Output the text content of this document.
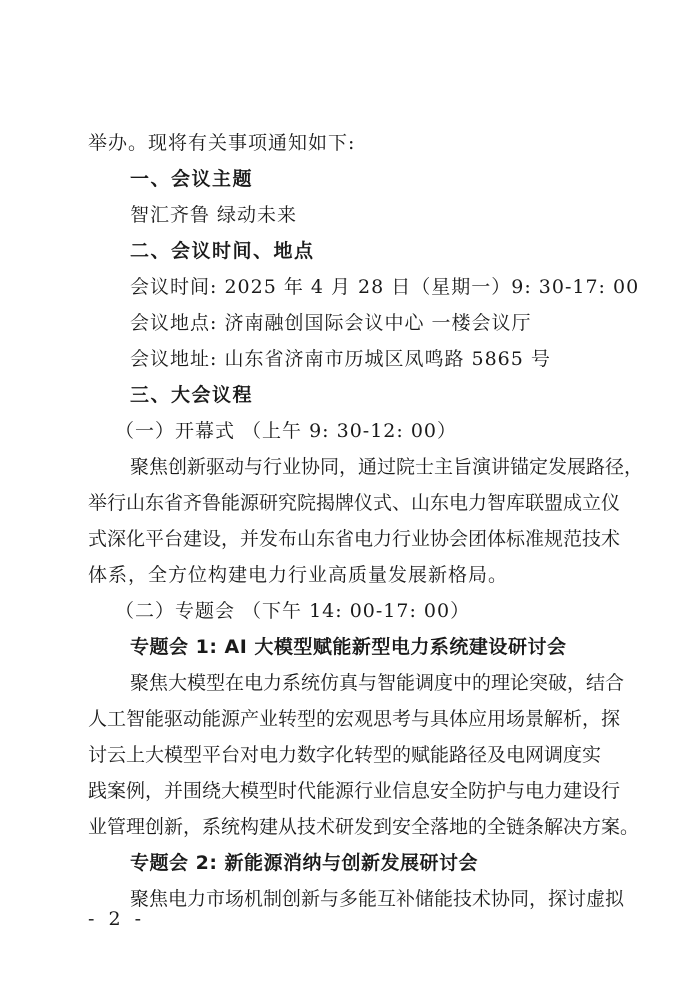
举办。现将有关事项通知如下:
一、会议主题
智汇齐鲁 绿动未来
二、会议时间、地点
会议时间: 2025 年 4 月 28 日（星期一）9: 30-17: 00
会议地点: 济南融创国际会议中心 一楼会议厅
会议地址: 山东省济南市历城区凤鸣路 5865 号
三、大会议程
（一）开幕式 （上午 9: 30-12: 00）
聚焦创新驱动与行业协同，通过院士主旨演讲锚定发展路径，
举行山东省齐鲁能源研究院揭牌仪式、山东电力智库联盟成立仪
式深化平台建设，并发布山东省电力行业协会团体标准规范技术
体系，全方位构建电力行业高质量发展新格局。
（二）专题会 （下午 14: 00-17: 00）
专题会 1: AI 大模型赋能新型电力系统建设研讨会
聚焦大模型在电力系统仿真与智能调度中的理论突破，结合
人工智能驱动能源产业转型的宏观思考与具体应用场景解析，探
讨云上大模型平台对电力数字化转型的赋能路径及电网调度实
践案例，并围绕大模型时代能源行业信息安全防护与电力建设行
业管理创新，系统构建从技术研发到安全落地的全链条解决方案。
专题会 2: 新能源消纳与创新发展研讨会
聚焦电力市场机制创新与多能互补储能技术协同，探讨虚拟
- 2 -
